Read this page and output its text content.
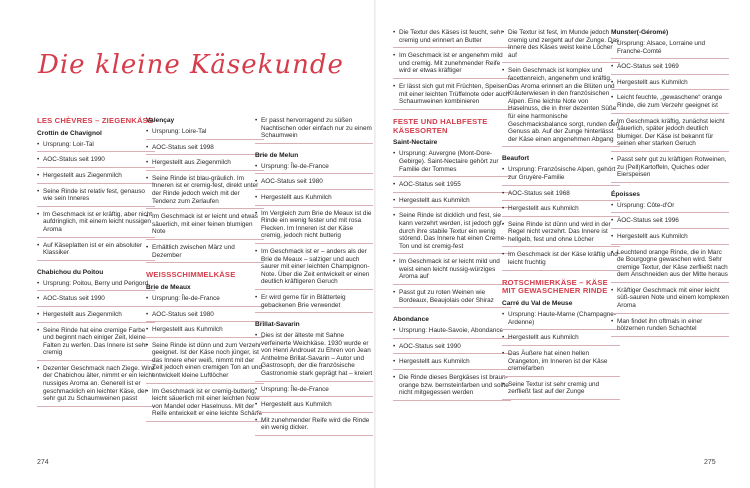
Die kleine Käsekunde
LES CHÈVRES – ZIEGENKÄSE
Crottin de Chavignol
• Ursprung: Loir-Tal
• AOC-Status seit 1990
• Hergestellt aus Ziegenmilch
• Seine Rinde ist relativ fest, genauso wie sein Inneres
• Im Geschmack ist er kräftig, aber nicht aufdringlich, mit einem leicht nussigen Aroma
• Auf Käseplatten ist er ein absoluter Klassiker
Chabichou du Poitou
• Ursprung: Poitou, Berry und Perigord
• AOC-Status seit 1990
• Hergestellt aus Ziegenmilch
• Seine Rinde hat eine cremige Farbe und beginnt nach einiger Zeit, kleine Falten zu werfen. Das Innere ist sehr cremig
• Dezenter Geschmack nach Ziege. Wird der Chabichou älter, nimmt er ein leicht nussiges Aroma an. Generell ist er geschmacklich ein leichter Käse, der sehr gut zu Schaumweinen passt
Valençay
• Ursprung: Loire-Tal
• AOC-Status seit 1998
• Hergestellt aus Ziegenmilch
• Seine Rinde ist blau-gräulich. Im Inneren ist er cremig-fest, direkt unter der Rinde jedoch weich mit der Tendenz zum Zerlaufen
• Im Geschmack ist er leicht und etwas säuerlich, mit einer feinen blumigen Note
• Erhältlich zwischen März und Dezember
WEISSSCHIMMELKÄSE
Brie de Meaux
• Ursprung: Île-de-France
• AOC-Status seit 1980
• Hergestellt aus Kuhmilch
• Seine Rinde ist dünn und zum Verzehr geeignet. Ist der Käse noch jünger, ist das Innere eher weiß, nimmt mit der Zeit jedoch einen cremigen Ton an und entwickelt kleine Luftlöcher
• Im Geschmack ist er cremig-butterig, leicht säuerlich mit einer leichten Note von Mandel oder Haselnuss. Mit der Reife entwickelt er eine leichte Schärfe
• Er passt hervorragend zu süßen Nachtischen oder einfach nur zu einem Schaumwein
Brie de Melun
• Ursprung: Île-de-France
• AOC-Status seit 1980
• Hergestellt aus Kuhmilch
• Im Vergleich zum Brie de Meaux ist die Rinde ein wenig fester und mit rosa Flecken. Im Inneren ist der Käse cremig, jedoch nicht butterig
• Im Geschmack ist er – anders als der Brie de Meaux – salziger und auch saurer mit einer leichten Champignon-Note. Über die Zeit entwickelt er einen deutlich kräftigeren Geruch
• Er wird gerne für in Blätterteig gebackenen Brie verwendet
Brillat-Savarin
• Dies ist der älteste mit Sahne verfeinerte Weichkäse. 1930 wurde er von Henri Androuet zu Ehren von Jean Anthelme Brillat-Savarin – Autor und Gastrosoph, der die französische Gastronomie stark geprägt hat – kreiert
• Ursprung: Île-de-France
• Hergestellt aus Kuhmilch
• Mit zunehmender Reife wird die Rinde ein wenig dicker.
• Die Textur des Käses ist feucht, sehr cremig und erinnert an Butter
• Im Geschmack ist er angenehm mild und cremig. Mit zunehmender Reife wird er etwas kräftiger
• Er lässt sich gut mit Früchten, Speisen mit einer leichten Trüffelnote oder auch Schaumweinen kombinieren
FESTE UND HALBFESTE KÄSESORTEN
Saint-Nectaire
• Ursprung: Auvergne (Mont-Dore-Gebirge). Saint-Nectaire gehört zur Familie der Tommes
• AOC-Status seit 1955
• Hergestellt aus Kuhmilch
• Seine Rinde ist dicklich und fest, sie kann verzehrt werden, ist jedoch ggf. durch ihre stabile Textur ein wenig störend. Das Innere hat einen Creme-Ton und ist cremig-fest
• Im Geschmack ist er leicht mild und weist einen leicht nussig-würziges Aroma auf
• Passt gut zu roten Weinen wie Bordeaux, Beaujolais oder Shiraz
Abondance
• Ursprung: Haute-Savoie, Abondance
• AOC-Status seit 1990
• Hergestellt aus Kuhmilch
• Die Rinde dieses Bergkäses ist braun-orange bzw. bernsteinfarben und sollte nicht mitgegessen werden
• Die Textur ist fest, im Munde jedoch cremig und zergeht auf der Zunge. Das Innere des Käses weist keine Löcher auf
• Sein Geschmack ist komplex und facettenreich, angenehm und kräftig. Das Aroma erinnert an die Blüten und Kräuterwiesen in den französischen Alpen. Eine leichte Note von Haselnuss, die in ihrer dezenten Süße für eine harmonische Geschmacksbalance sorgt, runden den Genuss ab. Auf der Zunge hinterlässt der Käse einen angenehmen Abgang
Beaufort
• Ursprung: Französische Alpen, gehört zur Gruyère-Familie
• AOC-Status seit 1968
• Hergestellt aus Kuhmilch
• Seine Rinde ist dünn und wird in der Regel nicht verzehrt. Das Innere ist hellgelb, fest und ohne Löcher
• Im Geschmack ist der Käse kräftig und leicht fruchtig
ROTSCHMIERKÄSE – KÄSE MIT GEWASCHENER RINDE
Carré du Val de Meuse
• Ursprung: Haute-Marne (Champagne-Ardenne)
• Hergestellt aus Kuhmilch
• Das Äußere hat einen hellen Orangeton, im Inneren ist der Käse cremefarben
• Seine Textur ist sehr cremig und zerfließt fast auf der Zunge
Munster(-Géromé)
• Ursprung: Alsace, Lorraine und Franche-Comté
• AOC-Status seit 1969
• Hergestellt aus Kuhmilch
• Leicht feuchte, „gewaschene“ orange Rinde, die zum Verzehr geeignet ist
• Im Geschmack kräftig, zunächst leicht säuerlich, später jedoch deutlich blumiger. Der Käse ist bekannt für seinen eher starken Geruch
• Passt sehr gut zu kräftigen Rotweinen, zu (Pell)Kartoffeln, Quiches oder Eierspeisen
Époisses
• Ursprung: Côte-d'Or
• AOC-Status seit 1996
• Hergestellt aus Kuhmilch
• Leuchtend orange Rinde, die in Marc de Bourgogne gewaschen wird. Sehr cremige Textur, der Käse zerfließt nach dem Anschneiden aus der Mitte heraus
• Kräftiger Geschmack mit einer leicht süß-sauren Note und einem komplexen Aroma
• Man findet ihn oftmals in einer hölzernen runden Schachtel
274	275
